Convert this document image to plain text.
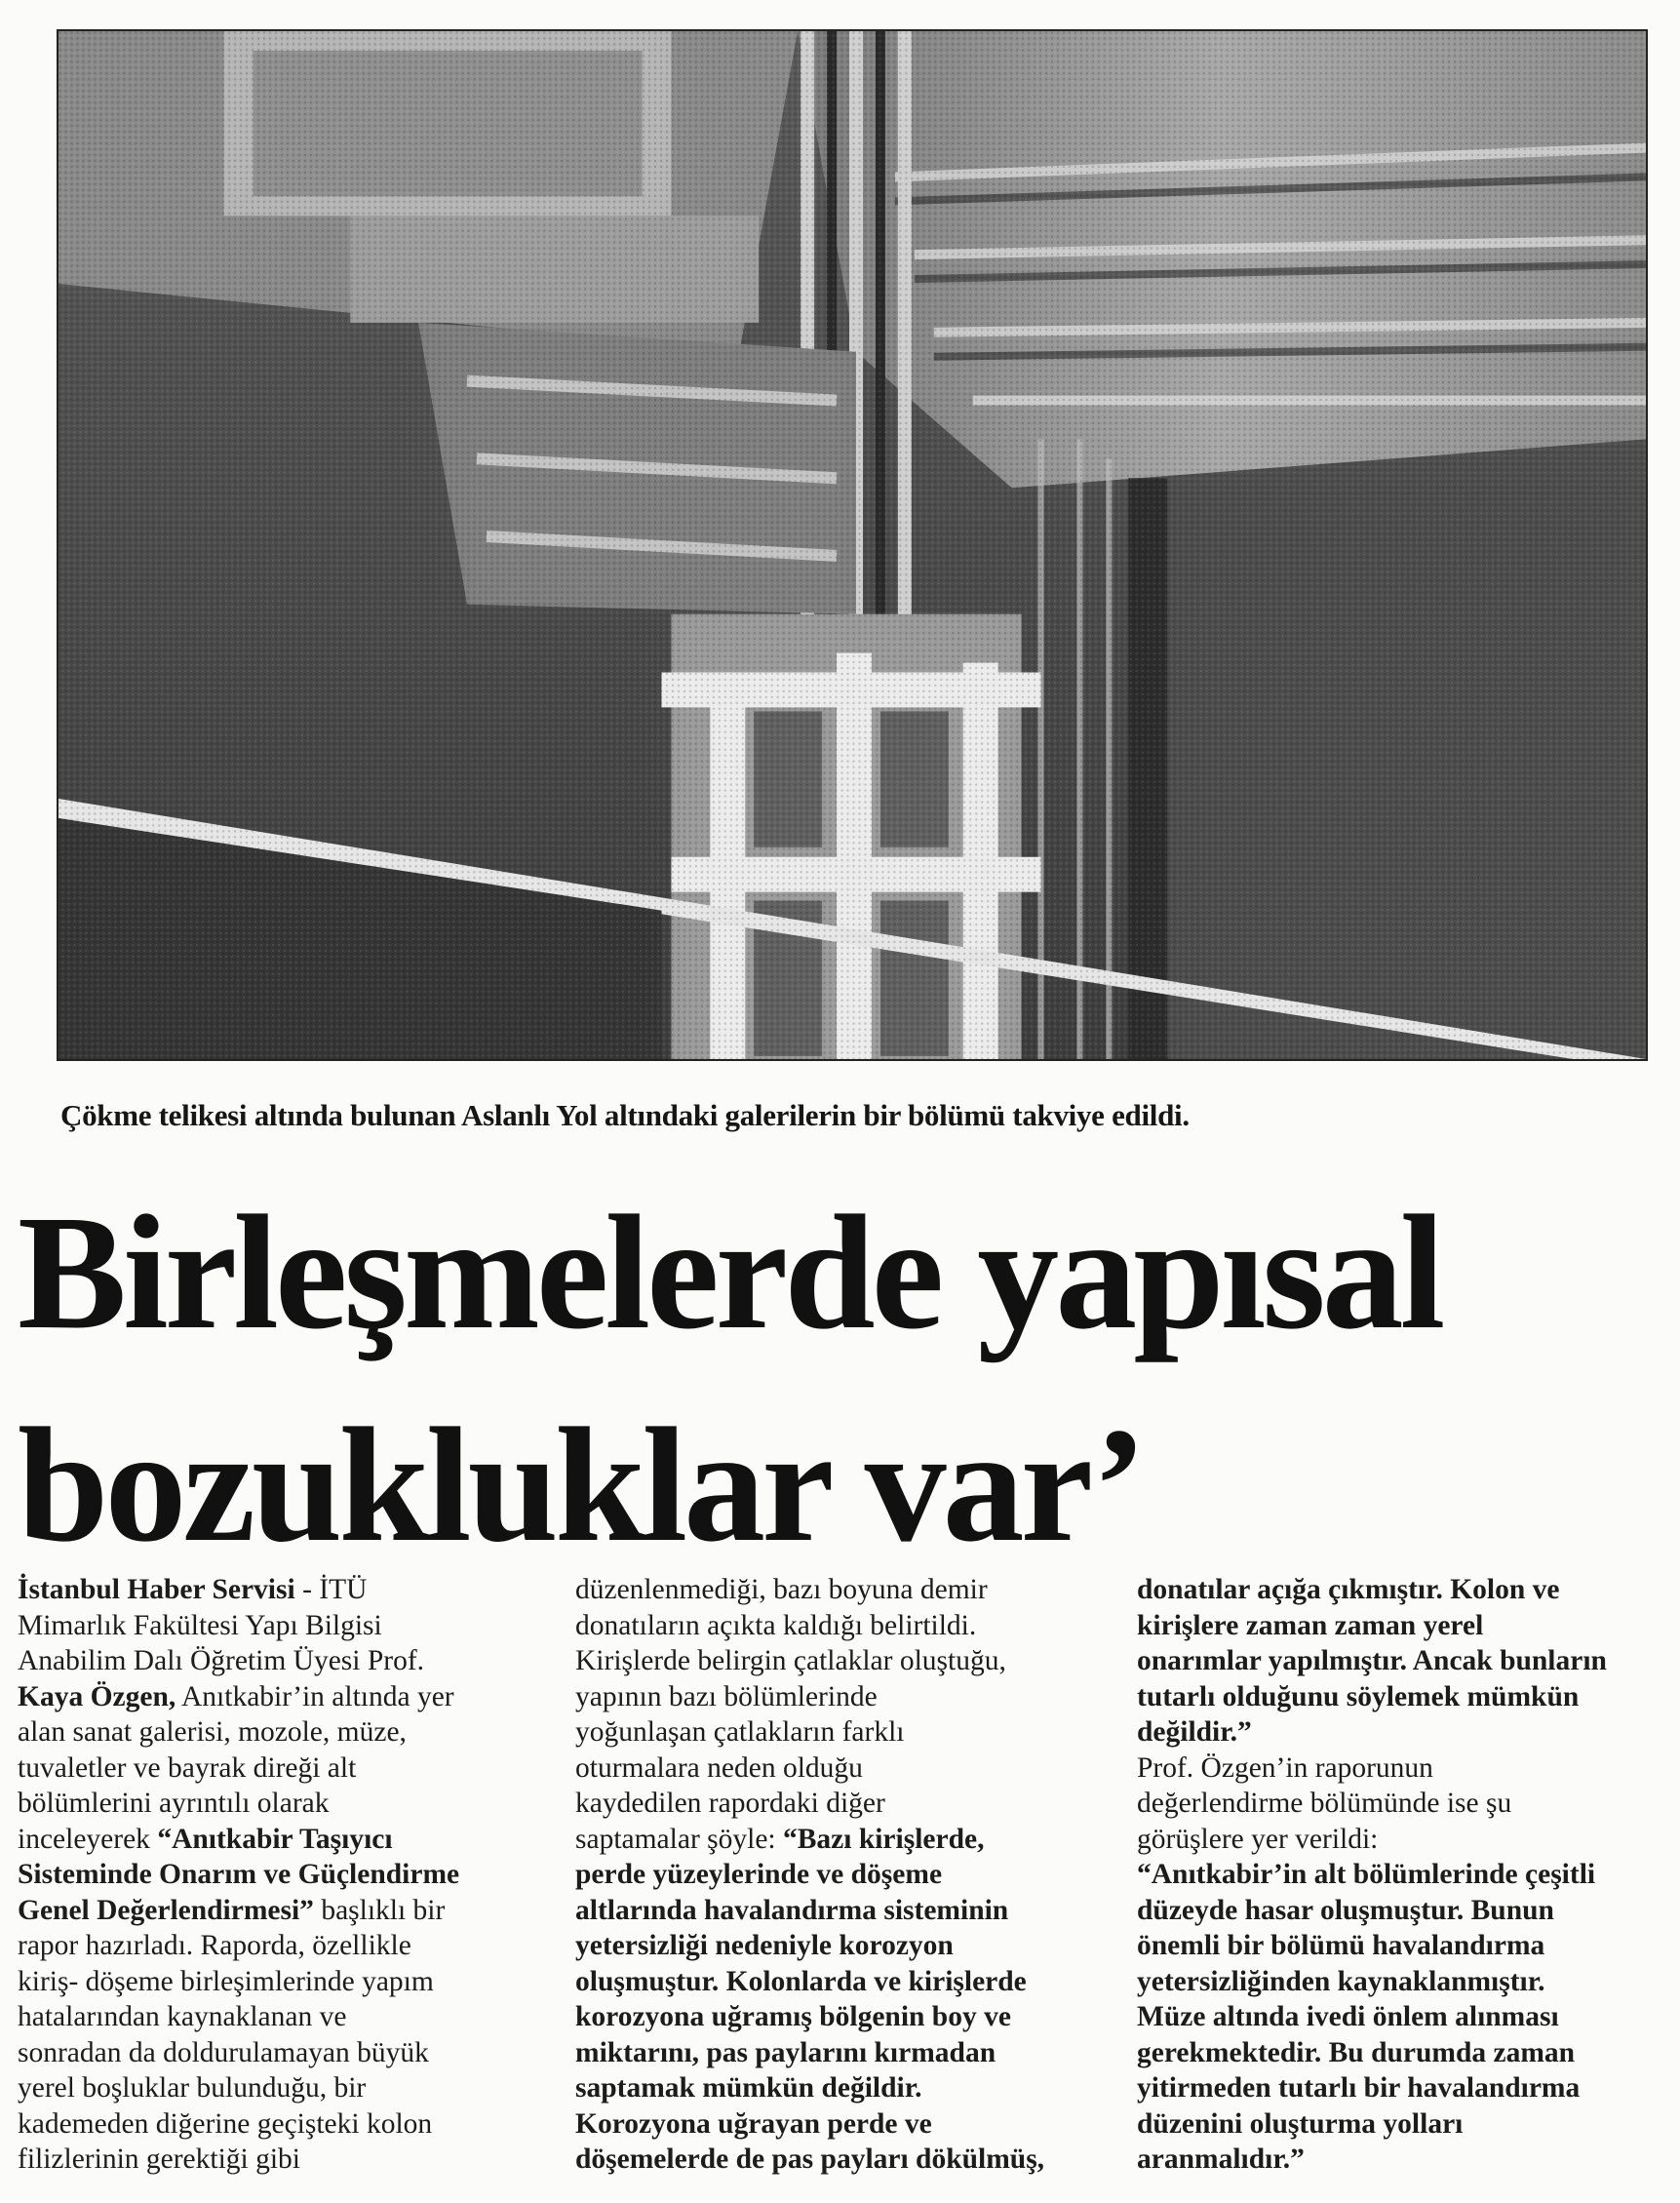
Çökme telikesi altında bulunan Aslanlı Yol altındaki galerilerin bir bölümü takviye edildi.
Birleşmelerde yapısal
bozukluklar var’
İstanbul Haber Servisi - İTÜ
Mimarlık Fakültesi Yapı Bilgisi
Anabilim Dalı Öğretim Üyesi Prof.
Kaya Özgen, Anıtkabir’in altında yer
alan sanat galerisi, mozole, müze,
tuvaletler ve bayrak direği alt
bölümlerini ayrıntılı olarak
inceleyerek “Anıtkabir Taşıyıcı
Sisteminde Onarım ve Güçlendirme
Genel Değerlendirmesi” başlıklı bir
rapor hazırladı. Raporda, özellikle
kiriş- döşeme birleşimlerinde yapım
hatalarından kaynaklanan ve
sonradan da doldurulamayan büyük
yerel boşluklar bulunduğu, bir
kademeden diğerine geçişteki kolon
filizlerinin gerektiği gibi
düzenlenmediği, bazı boyuna demir
donatıların açıkta kaldığı belirtildi.
Kirişlerde belirgin çatlaklar oluştuğu,
yapının bazı bölümlerinde
yoğunlaşan çatlakların farklı
oturmalara neden olduğu
kaydedilen rapordaki diğer
saptamalar şöyle: “Bazı kirişlerde,
perde yüzeylerinde ve döşeme
altlarında havalandırma sisteminin
yetersizliği nedeniyle korozyon
oluşmuştur. Kolonlarda ve kirişlerde
korozyona uğramış bölgenin boy ve
miktarını, pas paylarını kırmadan
saptamak mümkün değildir.
Korozyona uğrayan perde ve
döşemelerde de pas payları dökülmüş,
donatılar açığa çıkmıştır. Kolon ve
kirişlere zaman zaman yerel
onarımlar yapılmıştır. Ancak bunların
tutarlı olduğunu söylemek mümkün
değildir.”
Prof. Özgen’in raporunun
değerlendirme bölümünde ise şu
görüşlere yer verildi:
“Anıtkabir’in alt bölümlerinde çeşitli
düzeyde hasar oluşmuştur. Bunun
önemli bir bölümü havalandırma
yetersizliğinden kaynaklanmıştır.
Müze altında ivedi önlem alınması
gerekmektedir. Bu durumda zaman
yitirmeden tutarlı bir havalandırma
düzenini oluşturma yolları
aranmalıdır.”
